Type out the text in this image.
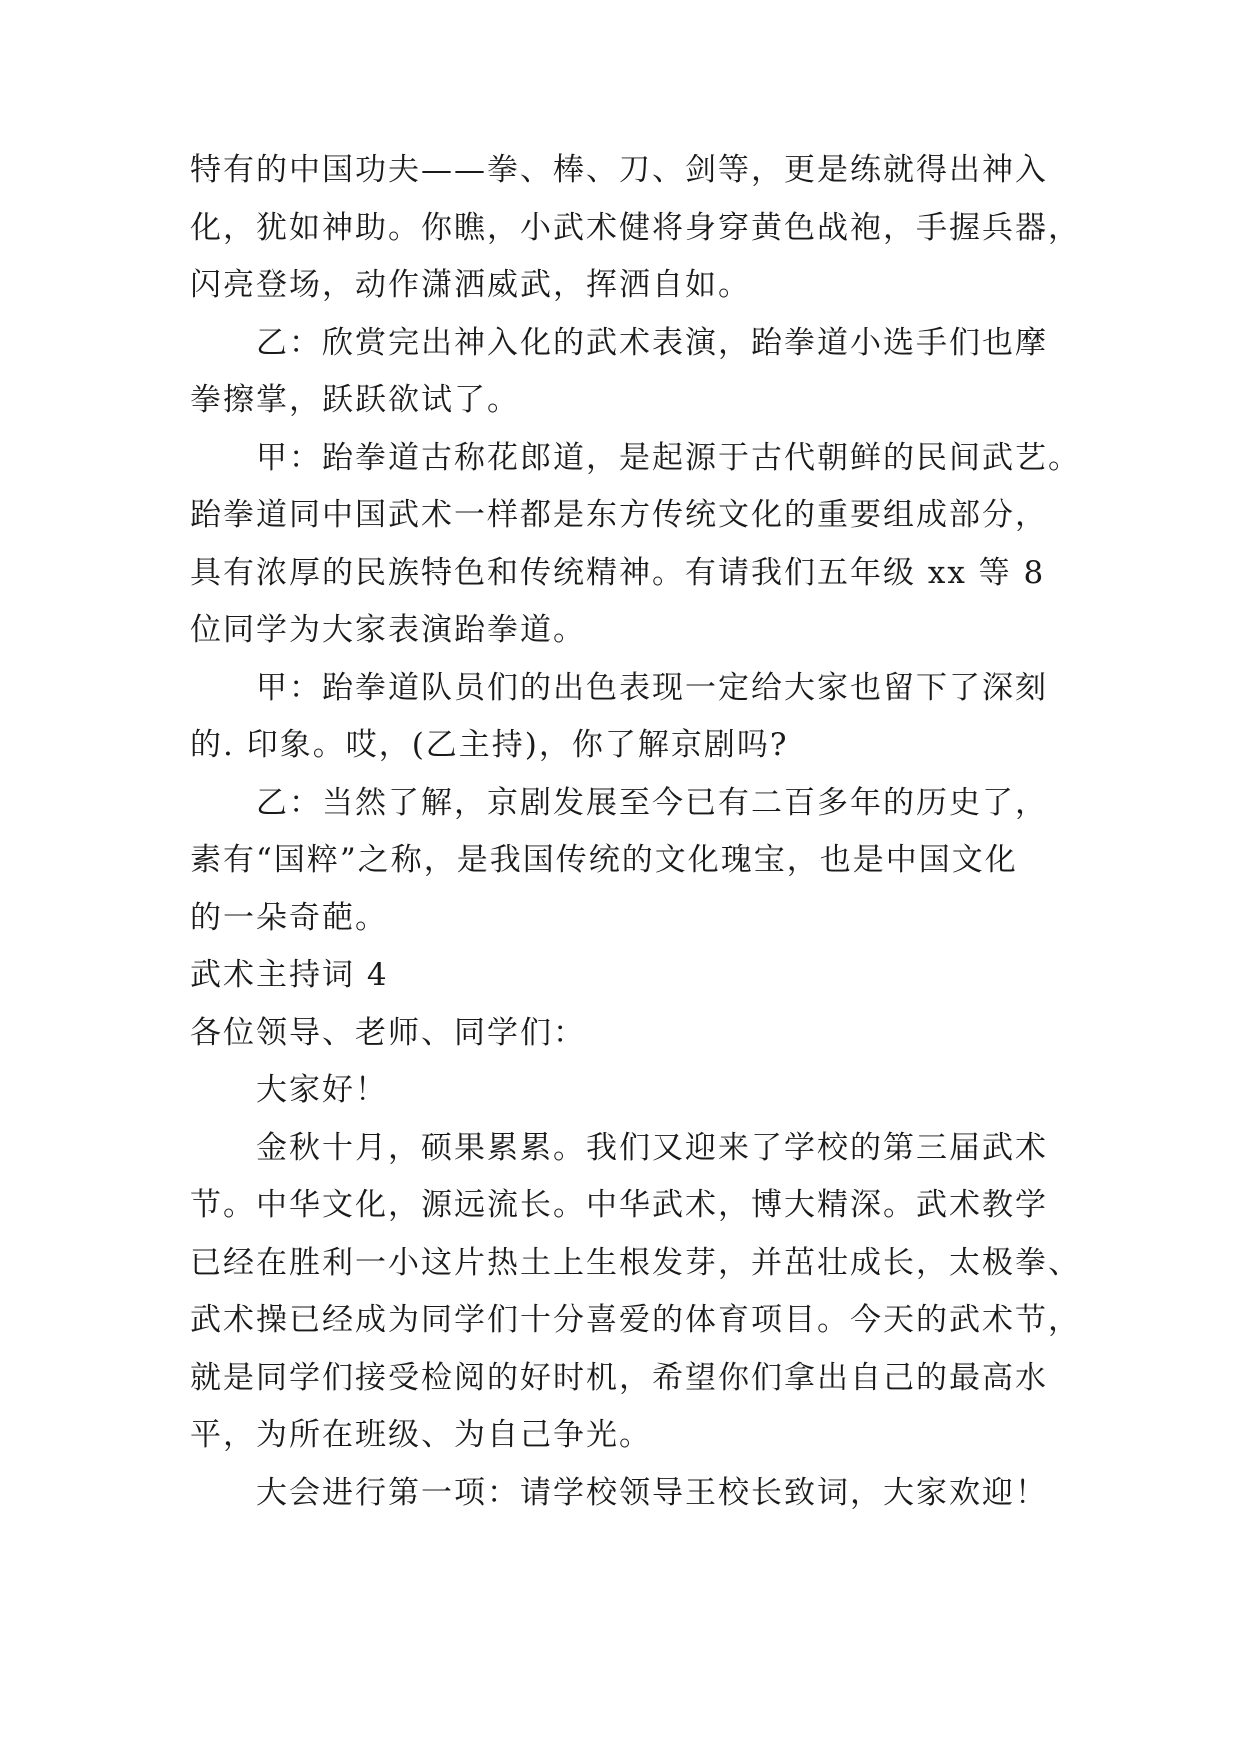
特有的中国功夫——拳、棒、刀、剑等，更是练就得出神入
化，犹如神助。你瞧，小武术健将身穿黄色战袍，手握兵器，
闪亮登场，动作潇洒威武，挥洒自如。
乙：欣赏完出神入化的武术表演，跆拳道小选手们也摩
拳擦掌，跃跃欲试了。
甲：跆拳道古称花郎道，是起源于古代朝鲜的民间武艺。
跆拳道同中国武术一样都是东方传统文化的重要组成部分，
具有浓厚的民族特色和传统精神。有请我们五年级 xx 等 8
位同学为大家表演跆拳道。
甲：跆拳道队员们的出色表现一定给大家也留下了深刻
的. 印象。哎，(乙主持)，你了解京剧吗?
乙：当然了解，京剧发展至今已有二百多年的历史了，
素有“国粹”之称，是我国传统的文化瑰宝，也是中国文化
的一朵奇葩。
武术主持词 4
各位领导、老师、同学们：
大家好！
金秋十月，硕果累累。我们又迎来了学校的第三届武术
节。中华文化，源远流长。中华武术，博大精深。武术教学
已经在胜利一小这片热土上生根发芽，并茁壮成长，太极拳、
武术操已经成为同学们十分喜爱的体育项目。今天的武术节，
就是同学们接受检阅的好时机，希望你们拿出自己的最高水
平，为所在班级、为自己争光。
大会进行第一项：请学校领导王校长致词，大家欢迎！
